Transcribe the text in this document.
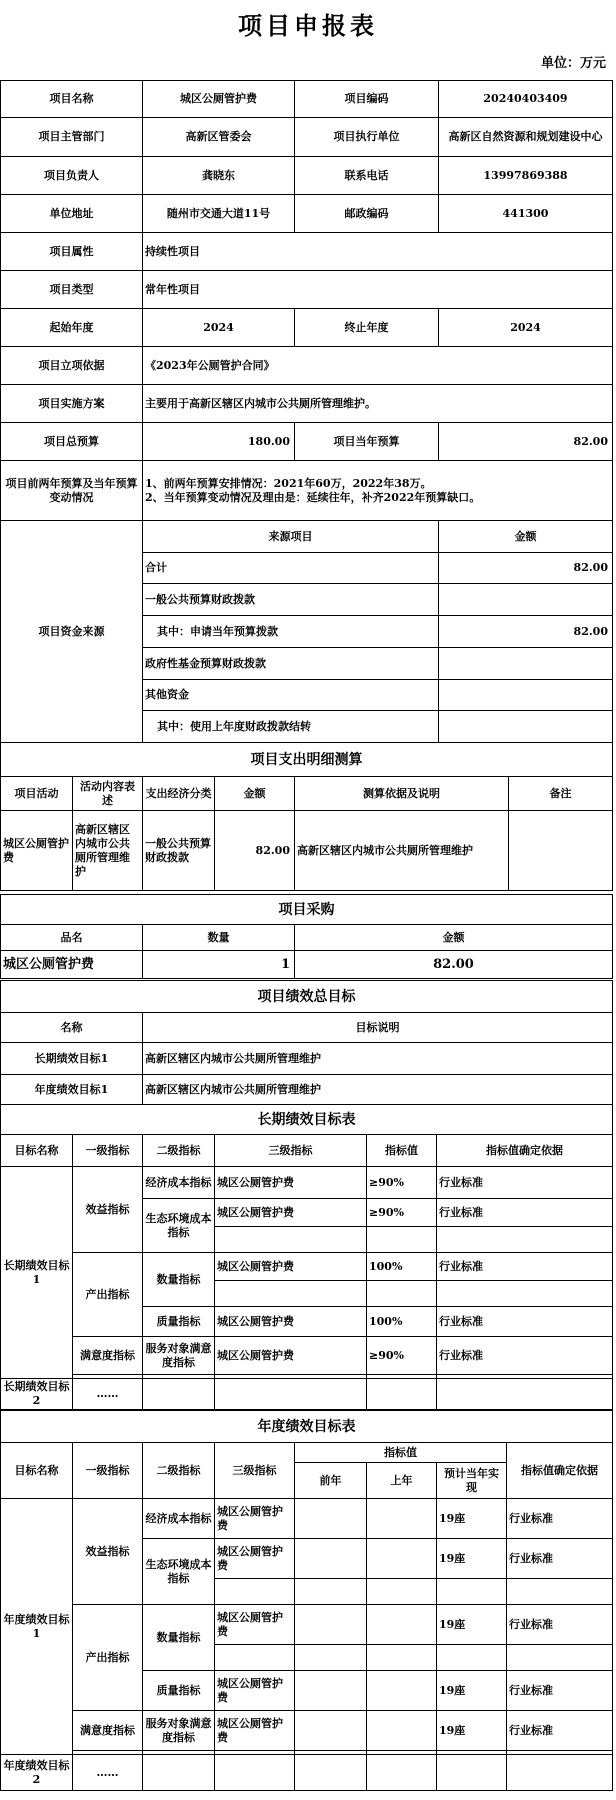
项目申报表
单位：万元
项目名称	城区公厕管护费	项目编码	20240403409
项目主管部门	高新区管委会	项目执行单位	高新区自然资源和规划建设中心
项目负责人	龚晓东	联系电话	13997869388
单位地址	随州市交通大道11号	邮政编码	441300
项目属性	持续性项目		
项目类型	常年性项目		
起始年度	2024	终止年度	2024
项目立项依据	《2023年公厕管护合同》		
项目实施方案	主要用于高新区辖区内城市公共厕所管理维护。		
项目总预算	180.00	项目当年预算	82.00
项目前两年预算及当年预算变动情况	1、前两年预算安排情况：2021年60万，2022年38万。
2、当年预算变动情况及理由是：延续往年，补齐2022年预算缺口。		
项目资金来源	来源项目	金额
	合计	82.00
	一般公共预算财政拨款	
	其中：申请当年预算拨款	82.00
	政府性基金预算财政拨款	
	其他资金	
	其中：使用上年度财政拨款结转	
项目支出明细测算					
项目活动	活动内容表述	支出经济分类	金额	测算依据及说明	备注
城区公厕管护费	高新区辖区内城市公共厕所管理维护	一般公共预算财政拨款	82.00	高新区辖区内城市公共厕所管理维护	
项目采购		
品名	数量	金额
城区公厕管护费	1	82.00
项目绩效总目标	
名称	目标说明
长期绩效目标1	高新区辖区内城市公共厕所管理维护
年度绩效目标1	高新区辖区内城市公共厕所管理维护
长期绩效目标表					
目标名称	一级指标	二级指标	三级指标	指标值	指标值确定依据
长期绩效目标1	效益指标	经济成本指标	城区公厕管护费	≥90%	行业标准
		生态环境成本指标	城区公厕管护费	≥90%	行业标准

	产出指标	数量指标	城区公厕管护费	100%	行业标准

		质量指标	城区公厕管护费	100%	行业标准
	满意度指标	服务对象满意度指标	城区公厕管护费	≥90%	行业标准

长期绩效目标2	……				
年度绩效目标表							
目标名称	一级指标	二级指标	三级指标	指标值			指标值确定依据
				前年	上年	预计当年实现	
年度绩效目标1	效益指标	经济成本指标	城区公厕管护费			19座	行业标准
		生态环境成本指标	城区公厕管护费			19座	行业标准

	产出指标	数量指标	城区公厕管护费			19座	行业标准

		质量指标	城区公厕管护费			19座	行业标准
	满意度指标	服务对象满意度指标	城区公厕管护费			19座	行业标准

年度绩效目标2	……						
